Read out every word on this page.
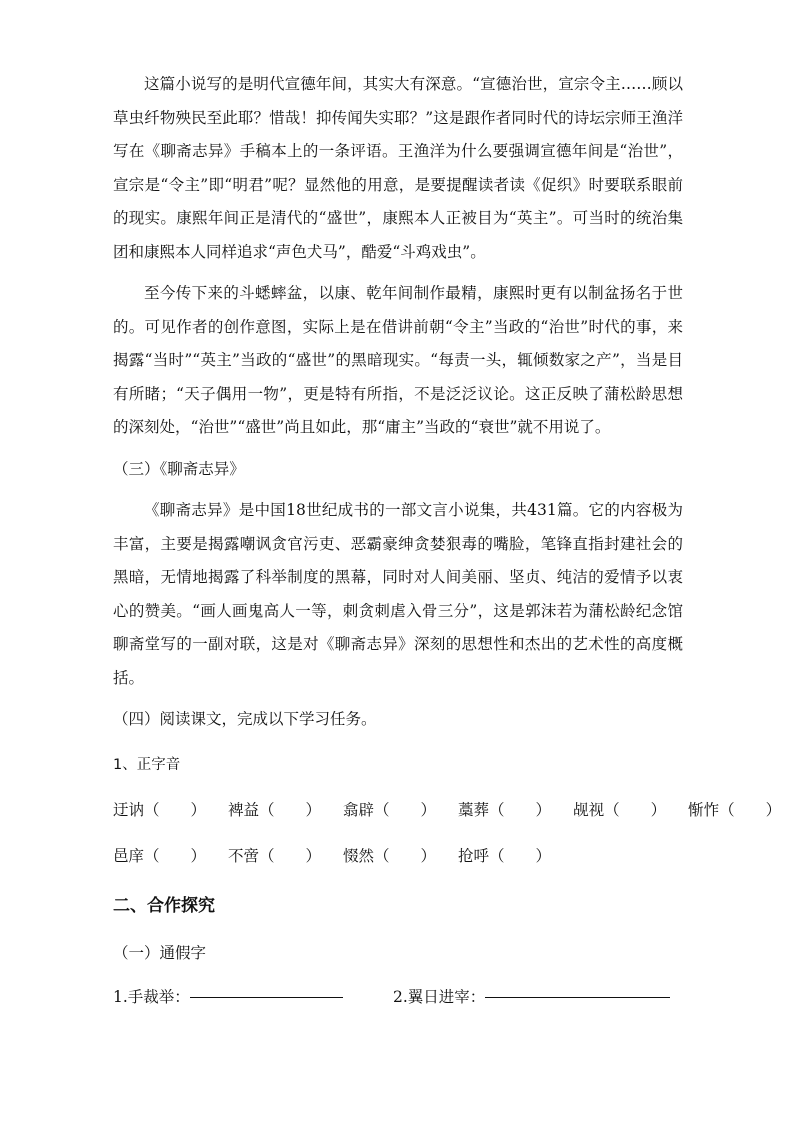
这篇小说写的是明代宣德年间，其实大有深意。“宣德治世，宣宗令主……顾以草虫纤物殃民至此耶？惜哉！抑传闻失实耶？”这是跟作者同时代的诗坛宗师王渔洋写在《聊斋志异》手稿本上的一条评语。王渔洋为什么要强调宣德年间是“治世”，宣宗是“令主”即“明君”呢？显然他的用意，是要提醒读者读《促织》时要联系眼前的现实。康熙年间正是清代的“盛世”，康熙本人正被目为“英主”。可当时的统治集团和康熙本人同样追求“声色犬马”，酷爱“斗鸡戏虫”。

至今传下来的斗蟋蟀盆，以康、乾年间制作最精，康熙时更有以制盆扬名于世的。可见作者的创作意图，实际上是在借讲前朝“令主”当政的“治世”时代的事，来揭露“当时”“英主”当政的“盛世”的黑暗现实。“每责一头，辄倾数家之产”，当是目有所睹；“天子偶用一物”，更是特有所指，不是泛泛议论。这正反映了蒲松龄思想的深刻处，“治世”“盛世”尚且如此，那“庸主”当政的“衰世”就不用说了。

（三）《聊斋志异》

《聊斋志异》是中国18世纪成书的一部文言小说集，共431篇。它的内容极为丰富，主要是揭露嘲讽贪官污吏、恶霸豪绅贪婪狠毒的嘴脸，笔锋直指封建社会的黑暗，无情地揭露了科举制度的黑幕，同时对人间美丽、坚贞、纯洁的爱情予以衷心的赞美。“画人画鬼高人一等，刺贪刺虐入骨三分”，这是郭沫若为蒲松龄纪念馆聊斋堂写的一副对联，这是对《聊斋志异》深刻的思想性和杰出的艺术性的高度概括。

（四）阅读课文，完成以下学习任务。

1、正字音

迂讷（　　） 裨益（　　） 翕辟（　　） 藁葬（　　） 觇视（　　） 惭怍（　　）
邑庠（　　） 不啻（　　） 惙然（　　） 抢呼（　　）

二、合作探究

（一）通假字

1.手裁举：	2.翼日进宰：
